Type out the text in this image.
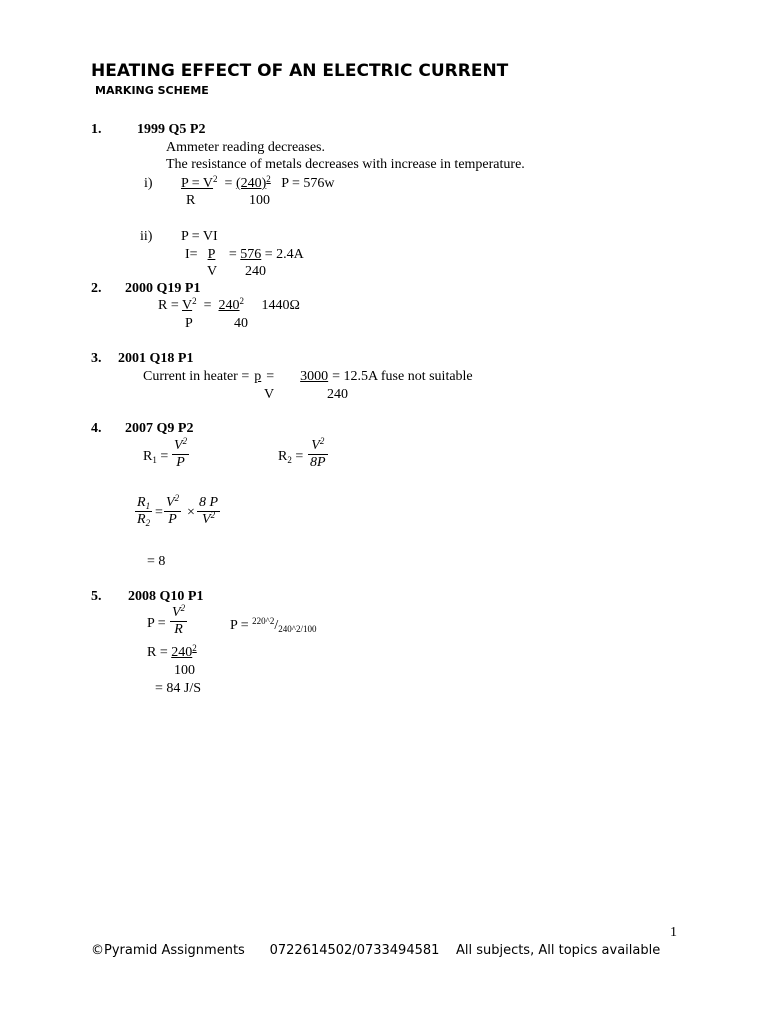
HEATING EFFECT OF AN ELECTRIC CURRENT
MARKING SCHEME
1.	1999 Q5 P2
Ammeter reading decreases.
The resistance of metals decreases with increase in temperature.
i) $P = V^2 = (240)^2$ P = 576w
R	100
ii) P = VI
I= P = 576 = 2.4A
V 240
2. 2000 Q19 P1
$R = V^2 = 240^2$ 1440Ω
P	40
3. 2001 Q18 P1
Current in heater = p = 3000 = 12.5A fuse not suitable
V	240
4. 2007 Q9 P2
$R_1 = \frac{V^2}{P}$	$R_2 = \frac{V^2}{8P}$
$\frac{R_1}{R_2} = \frac{V^2}{P} \times \frac{8 P}{V^2}$
= 8
5. 2008 Q10 P1
$P = \frac{V^2}{R}$	$P = ^{220\^{}2}/_{240\^{}2/100}$
$R = 240^2$
100
= 84 J/S
1
©Pyramid Assignments      0722614502/0733494581    All subjects, All topics available
